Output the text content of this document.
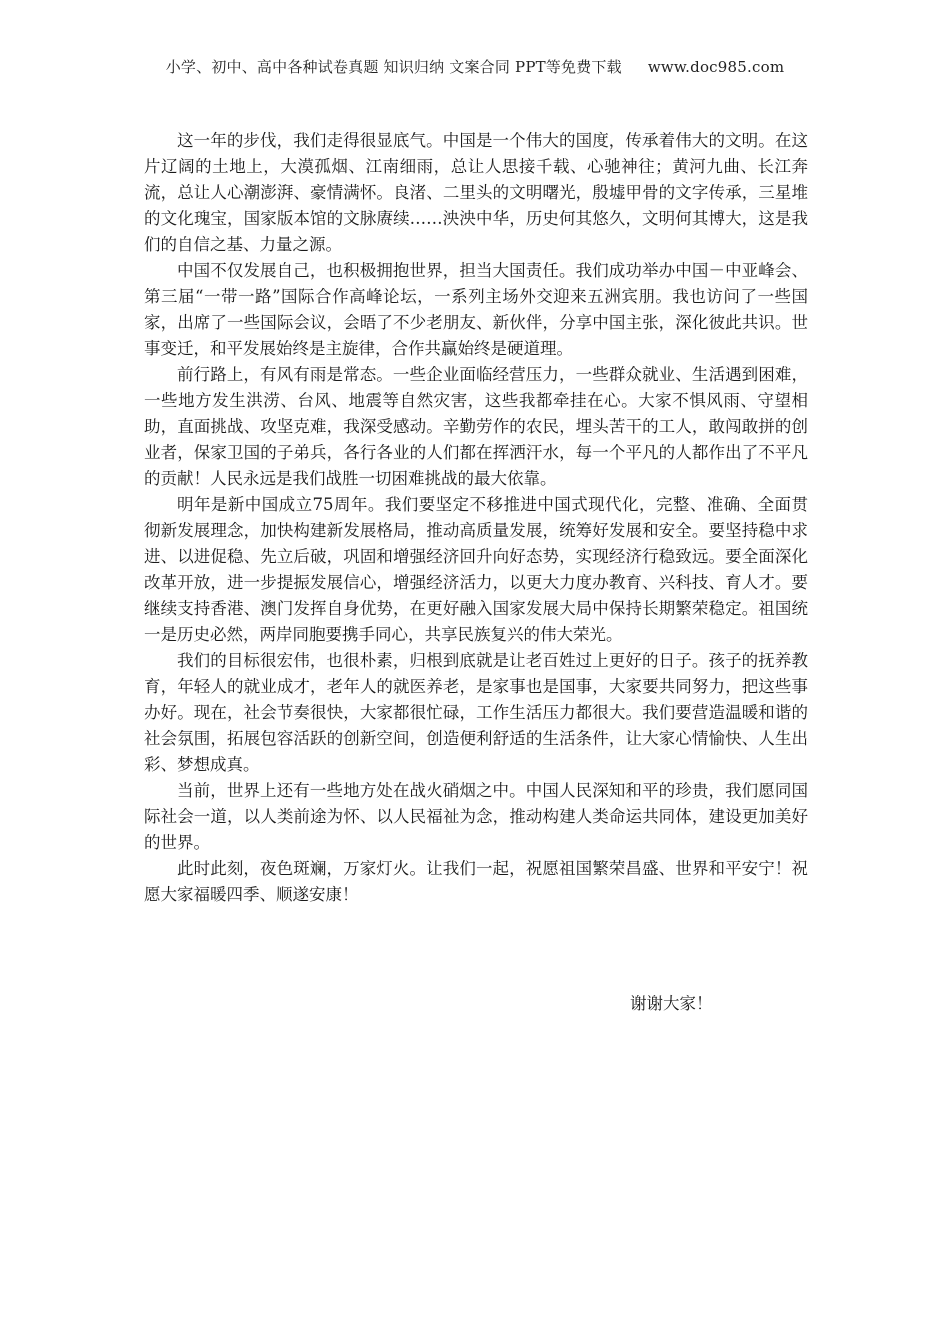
小学、初中、高中各种试卷真题 知识归纳 文案合同 PPT等免费下载 www.doc985.com

这一年的步伐，我们走得很显底气。中国是一个伟大的国度，传承着伟大的文明。在这片辽阔的土地上，大漠孤烟、江南细雨，总让人思接千载、心驰神往；黄河九曲、长江奔流，总让人心潮澎湃、豪情满怀。良渚、二里头的文明曙光，殷墟甲骨的文字传承，三星堆的文化瑰宝，国家版本馆的文脉赓续……泱泱中华，历史何其悠久，文明何其博大，这是我们的自信之基、力量之源。

中国不仅发展自己，也积极拥抱世界，担当大国责任。我们成功举办中国－中亚峰会、第三届“一带一路”国际合作高峰论坛，一系列主场外交迎来五洲宾朋。我也访问了一些国家，出席了一些国际会议，会晤了不少老朋友、新伙伴，分享中国主张，深化彼此共识。世事变迁，和平发展始终是主旋律，合作共赢始终是硬道理。

前行路上，有风有雨是常态。一些企业面临经营压力，一些群众就业、生活遇到困难，一些地方发生洪涝、台风、地震等自然灾害，这些我都牵挂在心。大家不惧风雨、守望相助，直面挑战、攻坚克难，我深受感动。辛勤劳作的农民，埋头苦干的工人，敢闯敢拼的创业者，保家卫国的子弟兵，各行各业的人们都在挥洒汗水，每一个平凡的人都作出了不平凡的贡献！人民永远是我们战胜一切困难挑战的最大依靠。

明年是新中国成立75周年。我们要坚定不移推进中国式现代化，完整、准确、全面贯彻新发展理念，加快构建新发展格局，推动高质量发展，统筹好发展和安全。要坚持稳中求进、以进促稳、先立后破，巩固和增强经济回升向好态势，实现经济行稳致远。要全面深化改革开放，进一步提振发展信心，增强经济活力，以更大力度办教育、兴科技、育人才。要继续支持香港、澳门发挥自身优势，在更好融入国家发展大局中保持长期繁荣稳定。祖国统一是历史必然，两岸同胞要携手同心，共享民族复兴的伟大荣光。

我们的目标很宏伟，也很朴素，归根到底就是让老百姓过上更好的日子。孩子的抚养教育，年轻人的就业成才，老年人的就医养老，是家事也是国事，大家要共同努力，把这些事办好。现在，社会节奏很快，大家都很忙碌，工作生活压力都很大。我们要营造温暖和谐的社会氛围，拓展包容活跃的创新空间，创造便利舒适的生活条件，让大家心情愉快、人生出彩、梦想成真。

当前，世界上还有一些地方处在战火硝烟之中。中国人民深知和平的珍贵，我们愿同国际社会一道，以人类前途为怀、以人民福祉为念，推动构建人类命运共同体，建设更加美好的世界。

此时此刻，夜色斑斓，万家灯火。让我们一起，祝愿祖国繁荣昌盛、世界和平安宁！祝愿大家福暖四季、顺遂安康！

谢谢大家！
